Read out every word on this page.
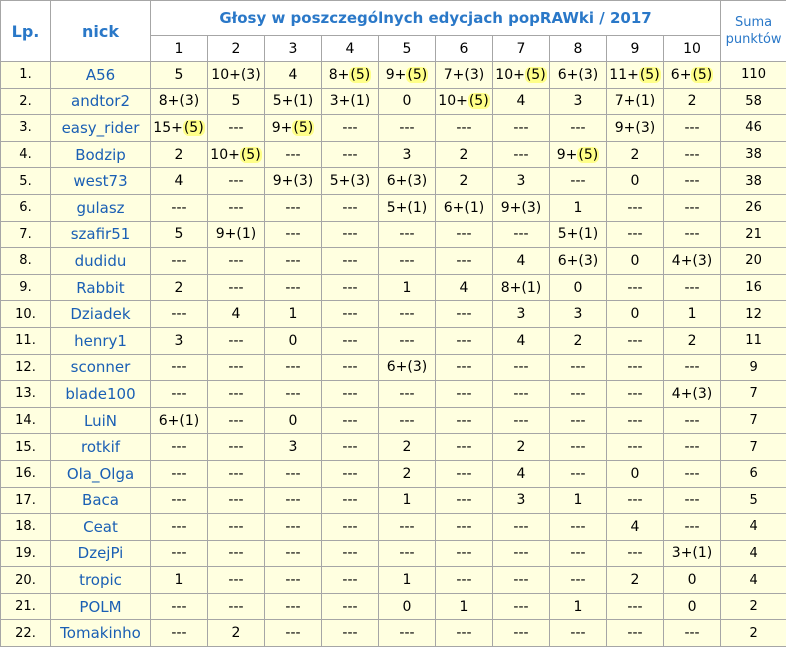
Lp.	nick	Głosy w poszczególnych edycjach popRAWki / 2017										Suma
punktów
		1	2	3	4	5	6	7	8	9	10	
1.	A56	5	10+(3)	4	8+(5)	9+(5)	7+(3)	10+(5)	6+(3)	11+(5)	6+(5)	110
2.	andtor2	8+(3)	5	5+(1)	3+(1)	0	10+(5)	4	3	7+(1)	2	58
3.	easy_rider	15+(5)	---	9+(5)	---	---	---	---	---	9+(3)	---	46
4.	Bodzip	2	10+(5)	---	---	3	2	---	9+(5)	2	---	38
5.	west73	4	---	9+(3)	5+(3)	6+(3)	2	3	---	0	---	38
6.	gulasz	---	---	---	---	5+(1)	6+(1)	9+(3)	1	---	---	26
7.	szafir51	5	9+(1)	---	---	---	---	---	5+(1)	---	---	21
8.	dudidu	---	---	---	---	---	---	4	6+(3)	0	4+(3)	20
9.	Rabbit	2	---	---	---	1	4	8+(1)	0	---	---	16
10.	Dziadek	---	4	1	---	---	---	3	3	0	1	12
11.	henry1	3	---	0	---	---	---	4	2	---	2	11
12.	sconner	---	---	---	---	6+(3)	---	---	---	---	---	9
13.	blade100	---	---	---	---	---	---	---	---	---	4+(3)	7
14.	LuiN	6+(1)	---	0	---	---	---	---	---	---	---	7
15.	rotkif	---	---	3	---	2	---	2	---	---	---	7
16.	Ola_Olga	---	---	---	---	2	---	4	---	0	---	6
17.	Baca	---	---	---	---	1	---	3	1	---	---	5
18.	Ceat	---	---	---	---	---	---	---	---	4	---	4
19.	DzejPi	---	---	---	---	---	---	---	---	---	3+(1)	4
20.	tropic	1	---	---	---	1	---	---	---	2	0	4
21.	POLM	---	---	---	---	0	1	---	1	---	0	2
22.	Tomakinho	---	2	---	---	---	---	---	---	---	---	2
